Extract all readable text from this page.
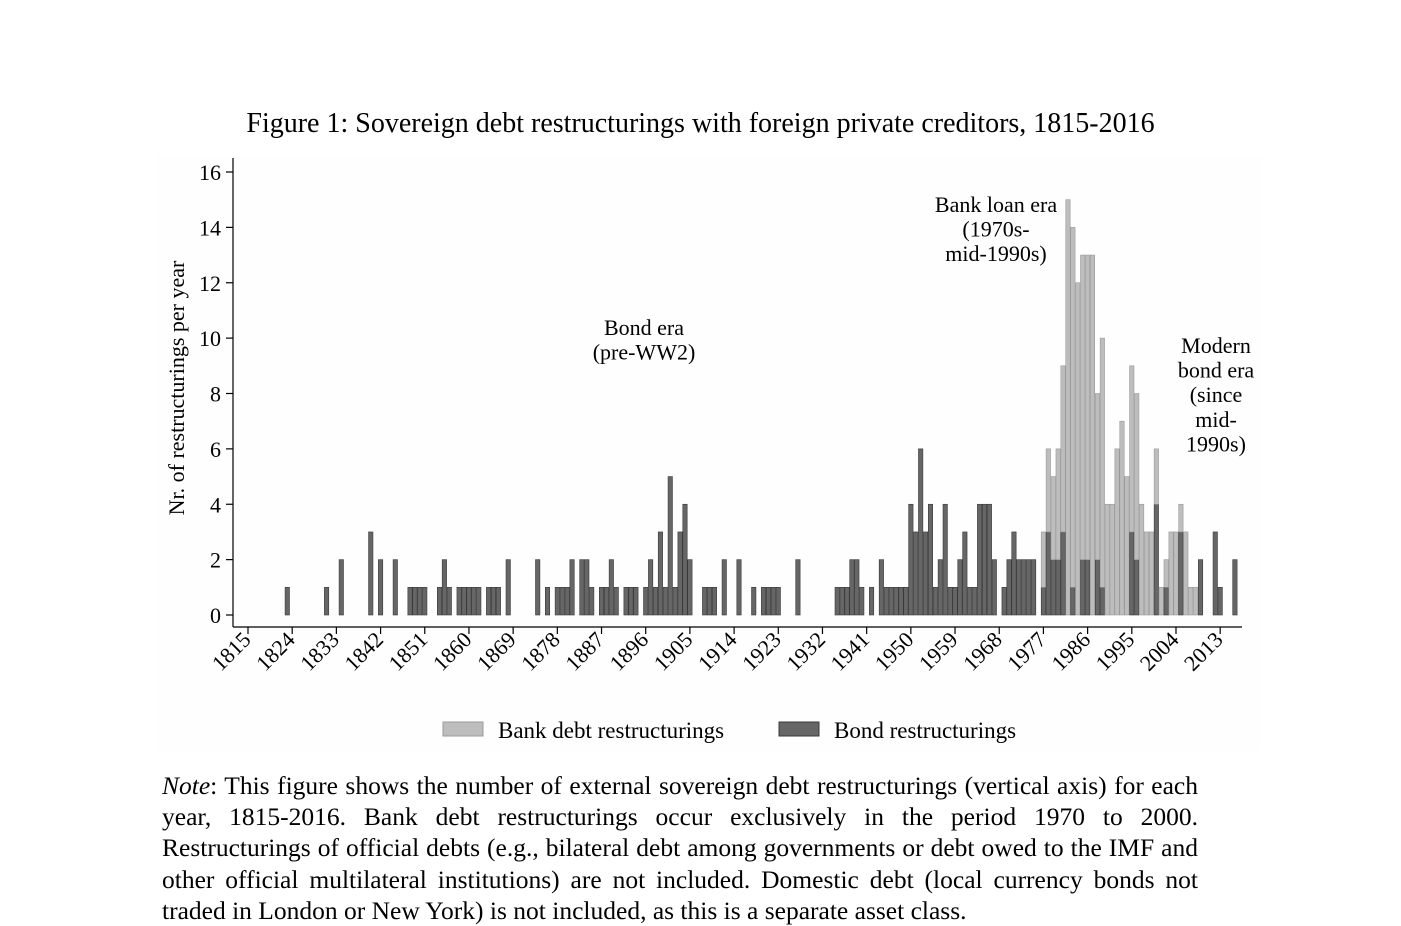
Figure 1: Sovereign debt restructurings with foreign private creditors, 1815-2016
0
2
4
6
8
10
12
14
16
1815
1824
1833
1842
1851
1860
1869
1878
1887
1896
1905
1914
1923
1932
1941
1950
1959
1968
1977
1986
1995
2004
2013
Nr. of restructurings per year	Bond era (pre-WW2)
Bank loan era (1970s-mid-1990s)
Modern bond era (since mid-1990s)
Bank debt restructurings	Bond restructurings

Note: This figure shows the number of external sovereign debt restructurings (vertical axis) for each year, 1815-2016. Bank debt restructurings occur exclusively in the period 1970 to 2000. Restructurings of official debts (e.g., bilateral debt among governments or debt owed to the IMF and other official multilateral institutions) are not included. Domestic debt (local currency bonds not traded in London or New York) is not included, as this is a separate asset class.
